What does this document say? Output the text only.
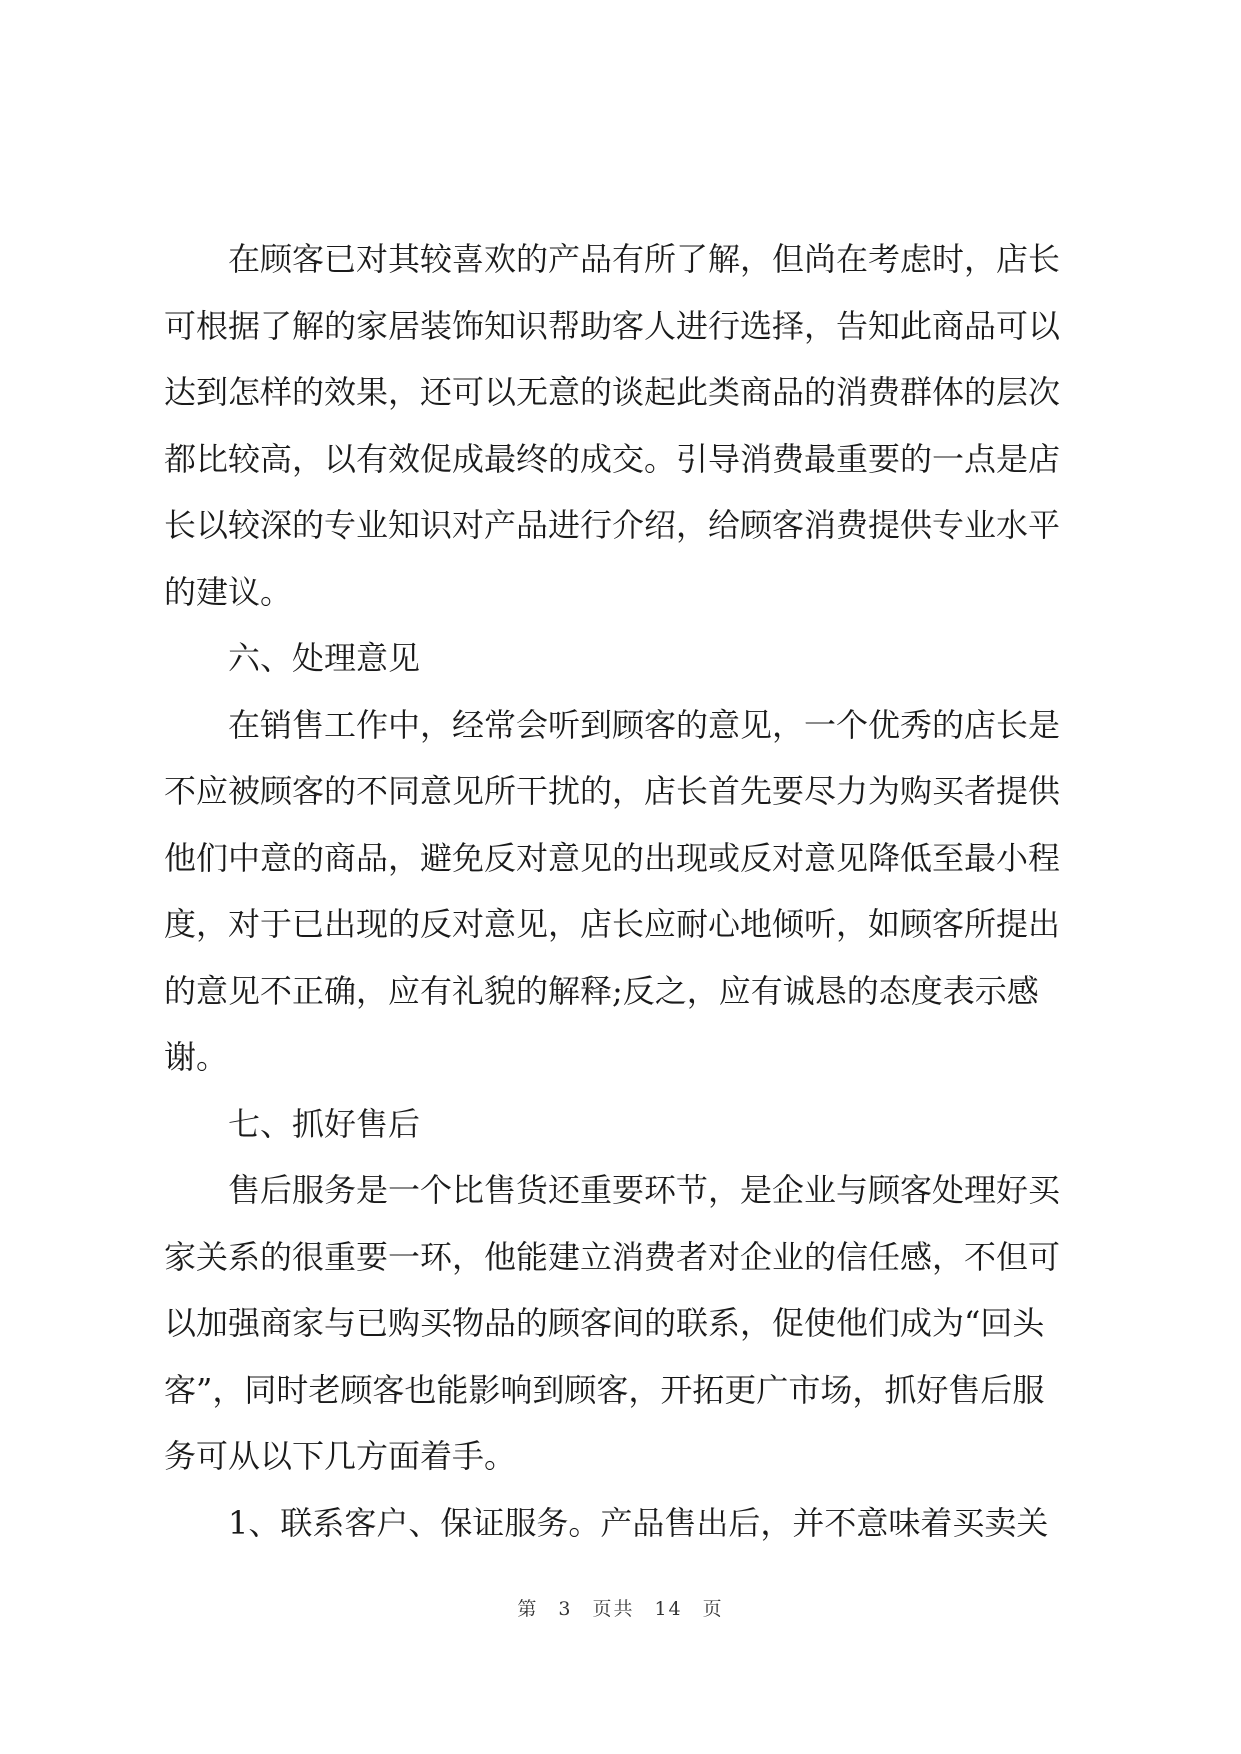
　　在顾客已对其较喜欢的产品有所了解，但尚在考虑时，店长
可根据了解的家居装饰知识帮助客人进行选择，告知此商品可以
达到怎样的效果，还可以无意的谈起此类商品的消费群体的层次
都比较高，以有效促成最终的成交。引导消费最重要的一点是店
长以较深的专业知识对产品进行介绍，给顾客消费提供专业水平
的建议。
　　六、处理意见
　　在销售工作中，经常会听到顾客的意见，一个优秀的店长是
不应被顾客的不同意见所干扰的，店长首先要尽力为购买者提供
他们中意的商品，避免反对意见的出现或反对意见降低至最小程
度，对于已出现的反对意见，店长应耐心地倾听，如顾客所提出
的意见不正确，应有礼貌的解释;反之，应有诚恳的态度表示感
谢。
　　七、抓好售后
　　售后服务是一个比售货还重要环节，是企业与顾客处理好买
家关系的很重要一环，他能建立消费者对企业的信任感，不但可
以加强商家与已购买物品的顾客间的联系，促使他们成为“回头
客”，同时老顾客也能影响到顾客，开拓更广市场，抓好售后服
务可从以下几方面着手。
　　1、联系客户、保证服务。产品售出后，并不意味着买卖关
第 3 页共 14 页
